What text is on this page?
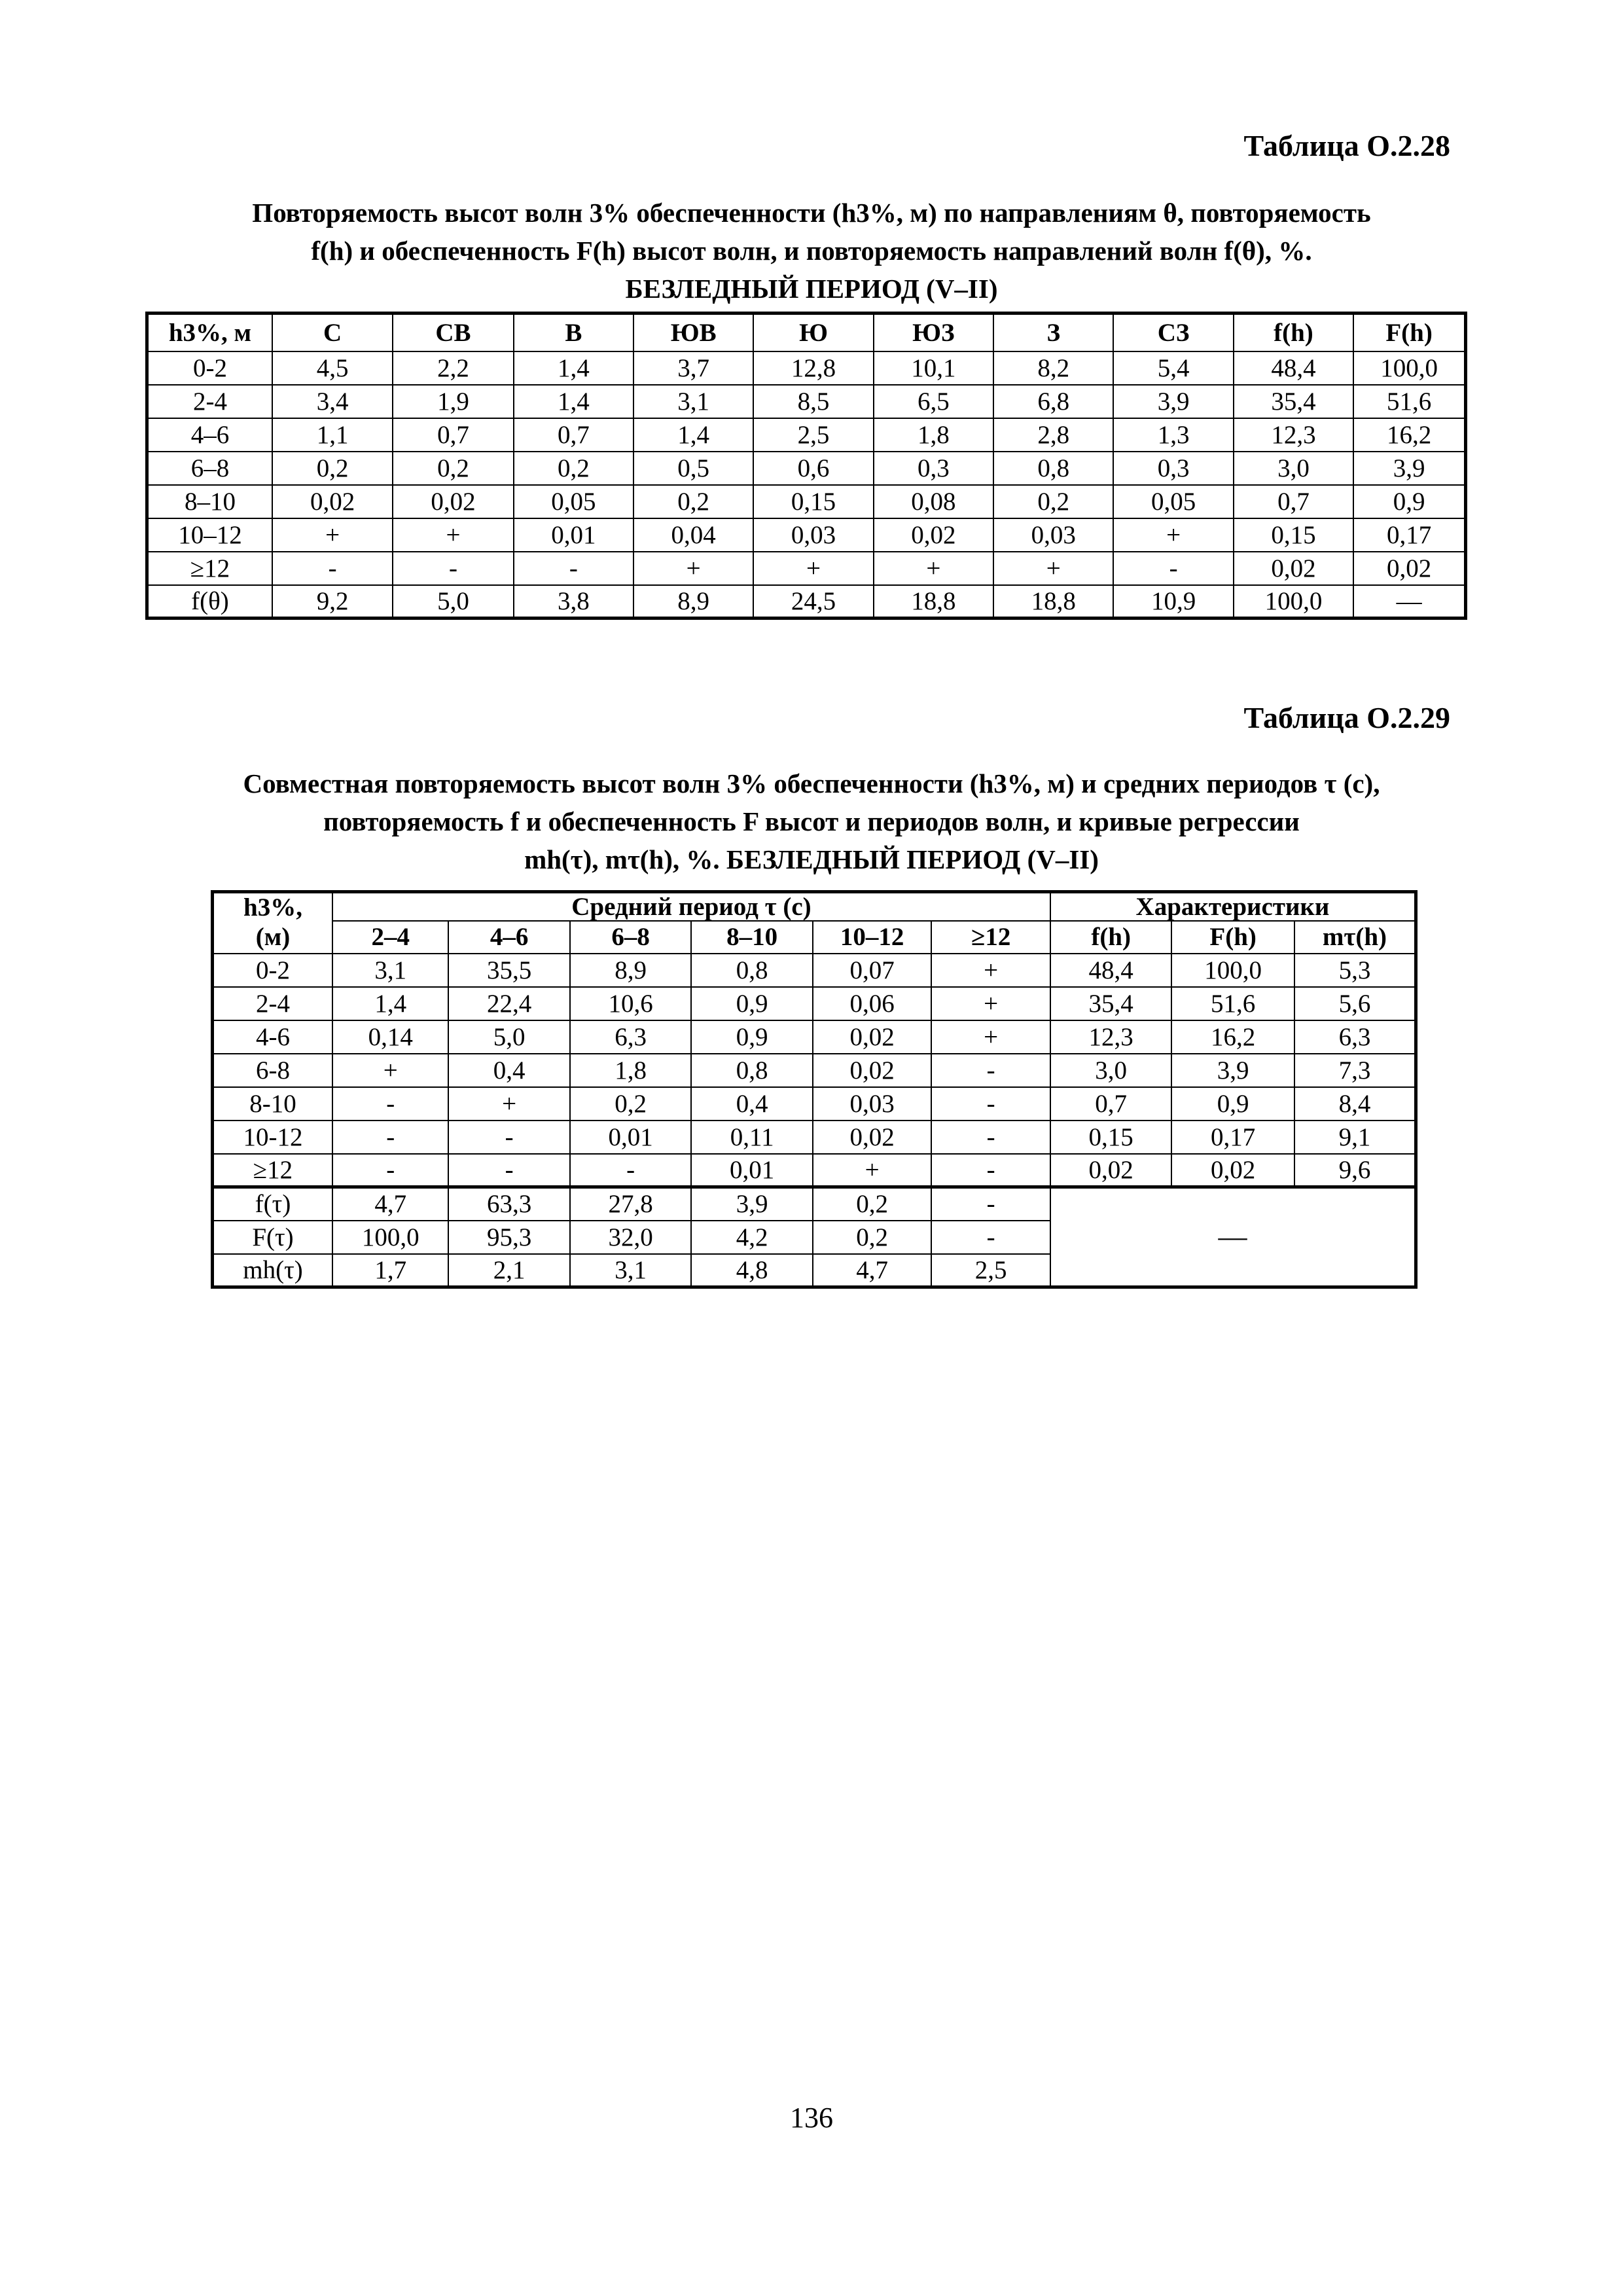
Таблица О.2.28

Повторяемость высот волн 3% обеспеченности (h3%, м) по направлениям θ, повторяемость

f(h) и обеспеченность F(h) высот волн, и повторяемость направлений волн f(θ), %.

БЕЗЛЕДНЫЙ ПЕРИОД (V–II)

h3%, м	С	СВ	В	ЮВ	Ю	ЮЗ	З	СЗ	f(h)	F(h)
0-2	4,5	2,2	1,4	3,7	12,8	10,1	8,2	5,4	48,4	100,0
2-4	3,4	1,9	1,4	3,1	8,5	6,5	6,8	3,9	35,4	51,6
4–6	1,1	0,7	0,7	1,4	2,5	1,8	2,8	1,3	12,3	16,2
6–8	0,2	0,2	0,2	0,5	0,6	0,3	0,8	0,3	3,0	3,9
8–10	0,02	0,02	0,05	0,2	0,15	0,08	0,2	0,05	0,7	0,9
10–12	+	+	0,01	0,04	0,03	0,02	0,03	+	0,15	0,17
≥12	-	-	-	+	+	+	+	-	0,02	0,02
f(θ)	9,2	5,0	3,8	8,9	24,5	18,8	18,8	10,9	100,0	—
Таблица О.2.29

Совместная повторяемость высот волн 3% обеспеченности (h3%, м) и средних периодов τ (с),

повторяемость f и обеспеченность F высот и периодов волн, и кривые регрессии

mh(τ), mτ(h), %. БЕЗЛЕДНЫЙ ПЕРИОД (V–II)

h3%,
(м)	Средний период τ (с)						Характеристики		
	2–4	4–6	6–8	8–10	10–12	≥12	f(h)	F(h)	mτ(h)
0-2	3,1	35,5	8,9	0,8	0,07	+	48,4	100,0	5,3
2-4	1,4	22,4	10,6	0,9	0,06	+	35,4	51,6	5,6
4-6	0,14	5,0	6,3	0,9	0,02	+	12,3	16,2	6,3
6-8	+	0,4	1,8	0,8	0,02	-	3,0	3,9	7,3
8-10	-	+	0,2	0,4	0,03	-	0,7	0,9	8,4
10-12	-	-	0,01	0,11	0,02	-	0,15	0,17	9,1
≥12	-	-	-	0,01	+	-	0,02	0,02	9,6
f(τ)	4,7	63,3	27,8	3,9	0,2	-	—		
F(τ)	100,0	95,3	32,0	4,2	0,2	-			
mh(τ)	1,7	2,1	3,1	4,8	4,7	2,5			
136
